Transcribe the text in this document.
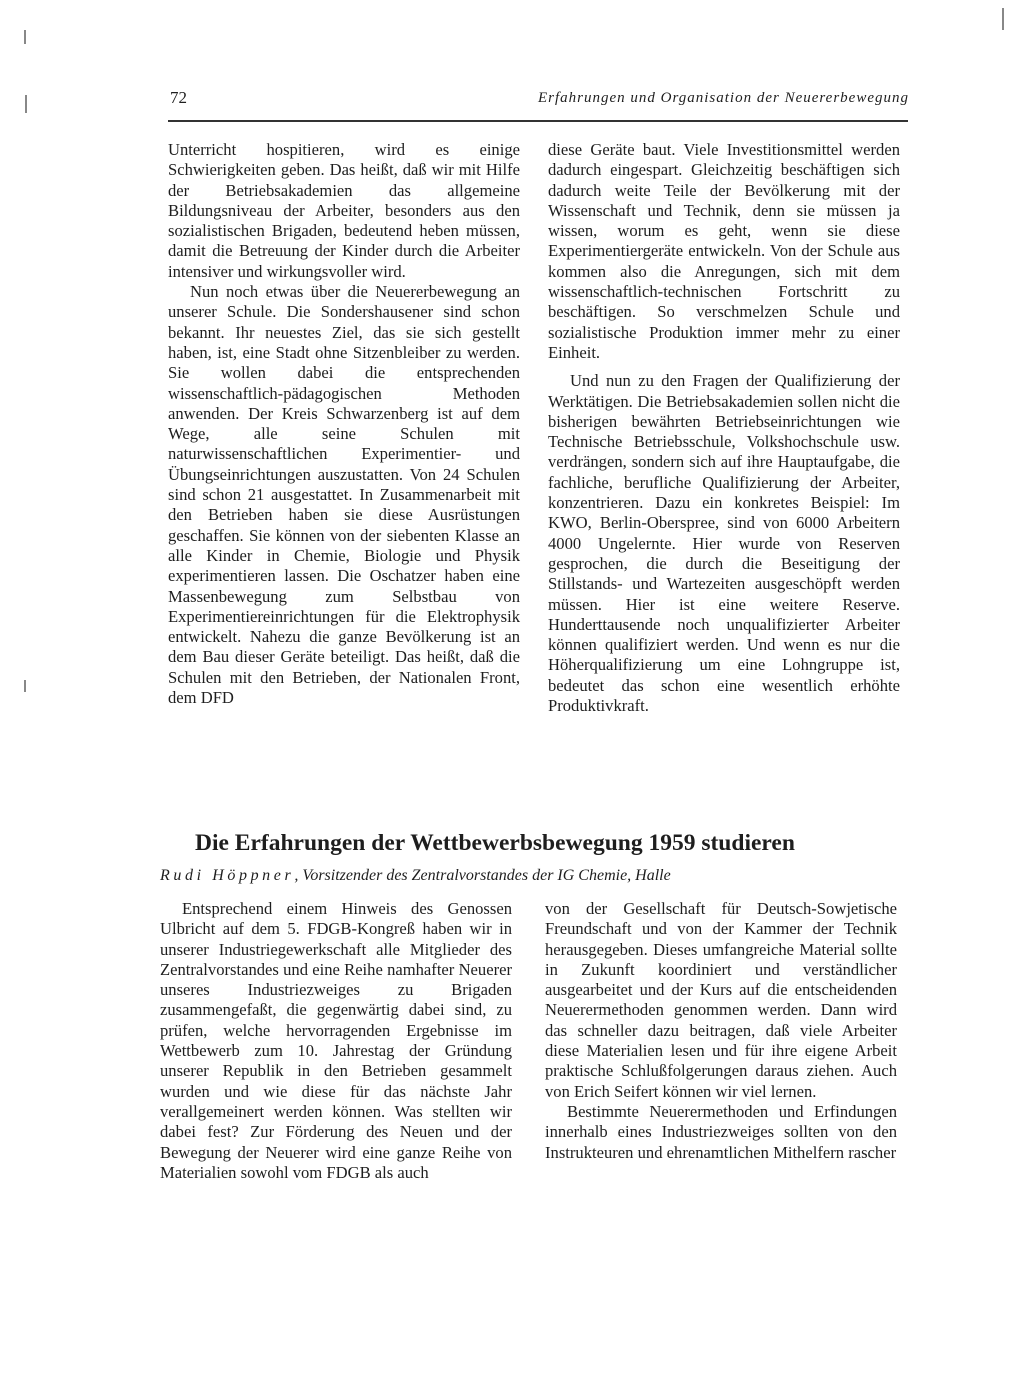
72	Erfahrungen und Organisation der Neuererbewegung

Unterricht hospitieren, wird es einige Schwierigkeiten geben. Das heißt, daß wir mit Hilfe der Betriebsakademien das allgemeine Bildungsniveau der Arbeiter, besonders aus den sozialistischen Brigaden, bedeutend heben müssen, damit die Betreuung der Kinder durch die Arbeiter intensiver und wirkungsvoller wird.

Nun noch etwas über die Neuererbewegung an unserer Schule. Die Sondershausener sind schon bekannt. Ihr neuestes Ziel, das sie sich gestellt haben, ist, eine Stadt ohne Sitzenbleiber zu werden. Sie wollen dabei die entsprechenden wissenschaftlich-pädagogischen Methoden anwenden. Der Kreis Schwarzenberg ist auf dem Wege, alle seine Schulen mit naturwissenschaftlichen Experimentier- und Übungseinrichtungen auszustatten. Von 24 Schulen sind schon 21 ausgestattet. In Zusammenarbeit mit den Betrieben haben sie diese Ausrüstungen geschaffen. Sie können von der siebenten Klasse an alle Kinder in Chemie, Biologie und Physik experimentieren lassen. Die Oschatzer haben eine Massenbewegung zum Selbstbau von Experimentiereinrichtungen für die Elektrophysik entwickelt. Nahezu die ganze Bevölkerung ist an dem Bau dieser Geräte beteiligt. Das heißt, daß die Schulen mit den Betrieben, der Nationalen Front, dem DFD

diese Geräte baut. Viele Investitionsmittel werden dadurch eingespart. Gleichzeitig beschäftigen sich dadurch weite Teile der Bevölkerung mit der Wissenschaft und Technik, denn sie müssen ja wissen, worum es geht, wenn sie diese Experimentiergeräte entwickeln. Von der Schule aus kommen also die Anregungen, sich mit dem wissenschaftlich-technischen Fortschritt zu beschäftigen. So verschmelzen Schule und sozialistische Produktion immer mehr zu einer Einheit.

Und nun zu den Fragen der Qualifizierung der Werktätigen. Die Betriebsakademien sollen nicht die bisherigen bewährten Betriebseinrichtungen wie Technische Betriebsschule, Volkshochschule usw. verdrängen, sondern sich auf ihre Hauptaufgabe, die fachliche, berufliche Qualifizierung der Arbeiter, konzentrieren. Dazu ein konkretes Beispiel: Im KWO, Berlin-Oberspree, sind von 6000 Arbeitern 4000 Ungelernte. Hier wurde von Reserven gesprochen, die durch die Beseitigung der Stillstands- und Wartezeiten ausgeschöpft werden müssen. Hier ist eine weitere Reserve. Hunderttausende noch unqualifizierter Arbeiter können qualifiziert werden. Und wenn es nur die Höherqualifizierung um eine Lohngruppe ist, bedeutet das schon eine wesentlich erhöhte Produktivkraft.

Die Erfahrungen der Wettbewerbsbewegung 1959 studieren
Rudi Höppner, Vorsitzender des Zentralvorstandes der IG Chemie, Halle

Entsprechend einem Hinweis des Genossen Ulbricht auf dem 5. FDGB-Kongreß haben wir in unserer Industriegewerkschaft alle Mitglieder des Zentralvorstandes und eine Reihe namhafter Neuerer unseres Industriezweiges zu Brigaden zusammengefaßt, die gegenwärtig dabei sind, zu prüfen, welche hervorragenden Ergebnisse im Wettbewerb zum 10. Jahrestag der Gründung unserer Republik in den Betrieben gesammelt wurden und wie diese für das nächste Jahr verallgemeinert werden können. Was stellten wir dabei fest? Zur Förderung des Neuen und der Bewegung der Neuerer wird eine ganze Reihe von Materialien sowohl vom FDGB als auch

von der Gesellschaft für Deutsch-Sowjetische Freundschaft und von der Kammer der Technik herausgegeben. Dieses umfangreiche Material sollte in Zukunft koordiniert und verständlicher ausgearbeitet und der Kurs auf die entscheidenden Neuerermethoden genommen werden. Dann wird das schneller dazu beitragen, daß viele Arbeiter diese Materialien lesen und für ihre eigene Arbeit praktische Schlußfolgerungen daraus ziehen. Auch von Erich Seifert können wir viel lernen.

Bestimmte Neuerermethoden und Erfindungen innerhalb eines Industriezweiges sollten von den Instrukteuren und ehrenamtlichen Mithelfern rascher
